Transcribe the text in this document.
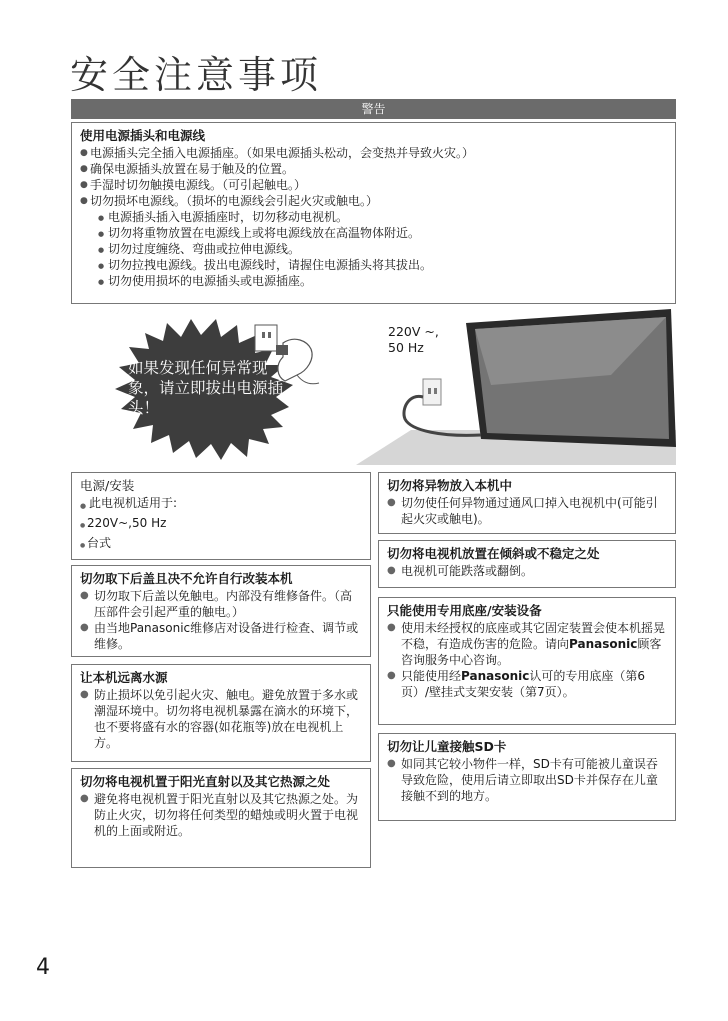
安全注意事项
警告
使用电源插头和电源线
● 电源插头完全插入电源插座。（如果电源插头松动，会变热并导致火灾。）
● 确保电源插头放置在易于触及的位置。
● 手湿时切勿触摸电源线。（可引起触电。）
● 切勿损坏电源线。（损坏的电源线会引起火灾或触电。）
● 电源插头插入电源插座时，切勿移动电视机。
● 切勿将重物放置在电源线上或将电源线放在高温物体附近。
● 切勿过度缠绕、弯曲或拉伸电源线。
● 切勿拉拽电源线。拔出电源线时，请握住电源插头将其拔出。
● 切勿使用损坏的电源插头或电源插座。
如果发现任何异常现象，请立即拔出电源插头！
220V ~,
50 Hz
电源/安装
● 此电视机适用于:
● 220V~,50 Hz
● 台式
切勿取下后盖且决不允许自行改装本机
● 切勿取下后盖以免触电。内部没有维修备件。（高压部件会引起严重的触电。）
● 由当地Panasonic维修店对设备进行检查、调节或维修。
让本机远离水源
● 防止损坏以免引起火灾、触电。避免放置于多水或潮湿环境中。切勿将电视机暴露在滴水的环境下，也不要将盛有水的容器(如花瓶等)放在电视机上方。
切勿将电视机置于阳光直射以及其它热源之处
● 避免将电视机置于阳光直射以及其它热源之处。为防止火灾，切勿将任何类型的蜡烛或明火置于电视机的上面或附近。
切勿将异物放入本机中
● 切勿使任何异物通过通风口掉入电视机中(可能引起火灾或触电)。
切勿将电视机放置在倾斜或不稳定之处
● 电视机可能跌落或翻倒。
只能使用专用底座/安装设备
● 使用未经授权的底座或其它固定装置会使本机摇晃不稳，有造成伤害的危险。请向Panasonic顾客咨询服务中心咨询。
● 只能使用经Panasonic认可的专用底座（第6页）/壁挂式支架安装（第7页）。
切勿让儿童接触SD卡
● 如同其它较小物件一样，SD卡有可能被儿童误吞导致危险，使用后请立即取出SD卡并保存在儿童接触不到的地方。
4
